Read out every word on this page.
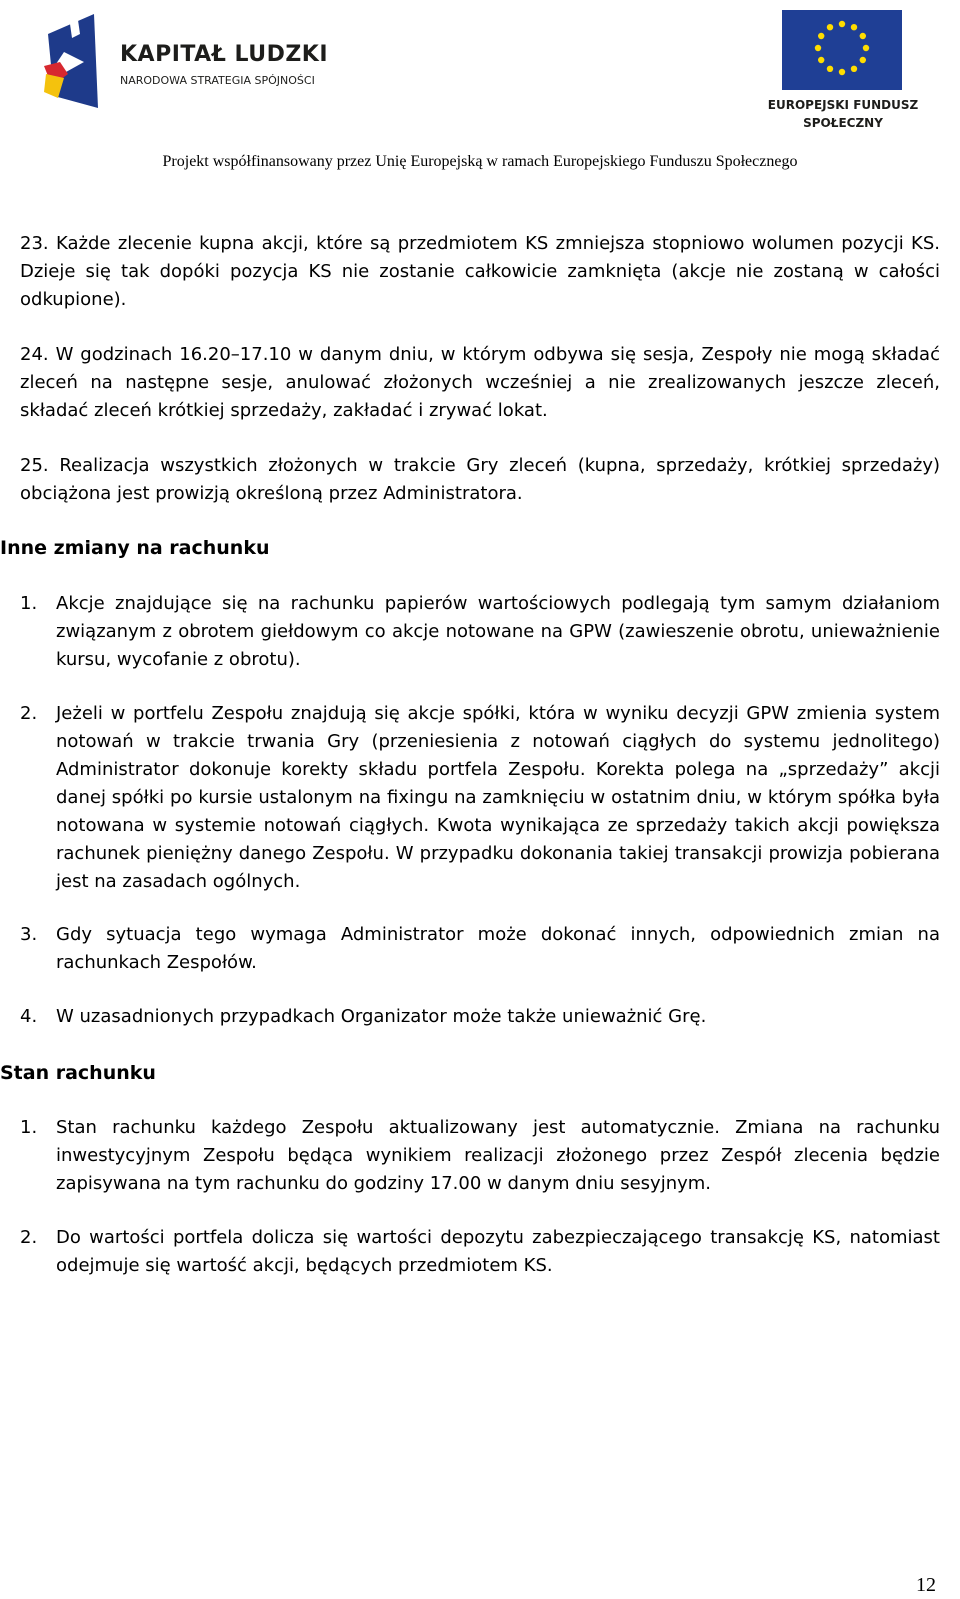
KAPITAŁ LUDZKI
NARODOWA STRATEGIA SPÓJNOŚCI
EUROPEJSKI FUNDUSZ
SPOŁECZNY
Projekt współfinansowany przez Unię Europejską w ramach Europejskiego Funduszu Społecznego
23. Każde zlecenie kupna akcji, które są przedmiotem KS zmniejsza stopniowo wolumen pozycji KS. Dzieje się tak dopóki pozycja KS nie zostanie całkowicie zamknięta (akcje nie zostaną w całości odkupione).
24. W godzinach 16.20–17.10 w danym dniu, w którym odbywa się sesja, Zespoły nie mogą składać zleceń na następne sesje, anulować złożonych wcześniej a nie zrealizowanych jeszcze zleceń, składać zleceń krótkiej sprzedaży, zakładać i zrywać lokat.
25. Realizacja wszystkich złożonych w trakcie Gry zleceń (kupna, sprzedaży, krótkiej sprzedaży) obciążona jest prowizją określoną przez Administratora.
Inne zmiany na rachunku
1.	Akcje znajdujące się na rachunku papierów wartościowych podlegają tym samym działaniom związanym z obrotem giełdowym co akcje notowane na GPW (zawieszenie obrotu, unieważnienie kursu, wycofanie z obrotu).
2.	Jeżeli w portfelu Zespołu znajdują się akcje spółki, która w wyniku decyzji GPW zmienia system notowań w trakcie trwania Gry (przeniesienia z notowań ciągłych do systemu jednolitego) Administrator dokonuje korekty składu portfela Zespołu. Korekta polega na „sprzedaży” akcji danej spółki po kursie ustalonym na fixingu na zamknięciu w ostatnim dniu, w którym spółka była notowana w systemie notowań ciągłych. Kwota wynikająca ze sprzedaży takich akcji powiększa rachunek pieniężny danego Zespołu. W przypadku dokonania takiej transakcji prowizja pobierana jest na zasadach ogólnych.
3.	Gdy sytuacja tego wymaga Administrator może dokonać innych, odpowiednich zmian na rachunkach Zespołów.
4.	W uzasadnionych przypadkach Organizator może także unieważnić Grę.
Stan rachunku
1.	Stan rachunku każdego Zespołu aktualizowany jest automatycznie. Zmiana na rachunku inwestycyjnym Zespołu będąca wynikiem realizacji złożonego przez Zespół zlecenia będzie zapisywana na tym rachunku do godziny 17.00 w danym dniu sesyjnym.
2.	Do wartości portfela dolicza się wartości depozytu zabezpieczającego transakcję KS, natomiast odejmuje się wartość akcji, będących przedmiotem KS.
12
